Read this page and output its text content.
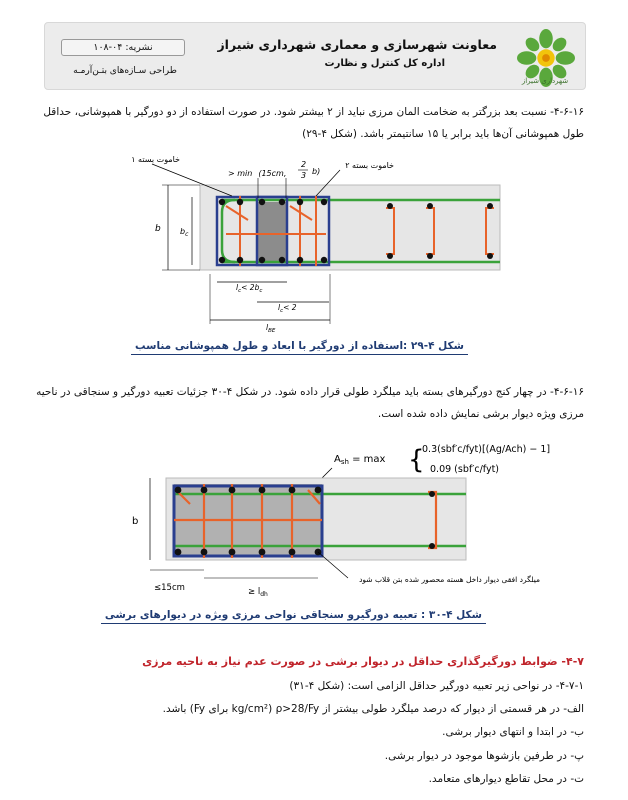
شهرداری شیراز
معاونت شهرسازی و معماری شهرداری شیراز
اداره کل کنترل و نظارت
نشریه: ۰۴-۱۰۸
طراحی سـازه‌های بتـن‌آرمـه
۴-۶-۱۶- نسبت بعد بزرگتر به ضخامت المان مرزی نباید از ۲ بیشتر شود. در صورت استفاده از دو دورگیر با همپوشانی، حداقل
طول همپوشانی آن‌ها باید برابر یا ۱۵ سانتیمتر باشد. (شکل ۴-۲۹)
خاموت بسته ۱
خاموت بسته ۲
> min (15cm,
2
3 b)
b $b_c$
$l_c< 2b_c$
$l_c< 2$
$l_{BE}$
شکل ۴-۲۹ :استفاده از دورگیر با ابعاد و طول همپوشانی مناسب
۴-۶-۱۶- در چهار کنج دورگیرهای بسته باید میلگرد طولی قرار داده شود. در شکل ۴-۳۰ جزئیات تعبیه دورگیر و سنجاقی در ناحیه
مرزی ویژه دیوار برشی نمایش داده شده است.
$A_{sh} = \max$ {
0.3(sbf′c/fyt)[(Ag/Ach) − 1]
0.09 (sbf′c/fyt)
b
≤15cm	≥ $l_{dh}$
میلگرد افقی دیوار داخل هسته محصور شده بتن قلاب شود
شکل ۴-۳۰ : تعبیه دورگیرو سنجاقی نواحی مرزی ویژه در دیوارهای برشی
۴-۷- ضوابط دورگیرگذاری حداقل در دیوار برشی در صورت عدم نیاز به ناحیه مرزی
۴-۷-۱- در نواحی زیر تعبیه دورگیر حداقل الزامی است: (شکل ۴-۳۱)
الف- در هر قسمتی از دیوار که درصد میلگرد طولی بیشتر از ρ>28/Fy (kg/cm² برای Fy) باشد.
ب- در ابتدا و انتهای دیوار برشی.
پ- در طرفین بازشوها موجود در دیوار برشی.
ت- در محل تقاطع دیوارهای متعامد.
